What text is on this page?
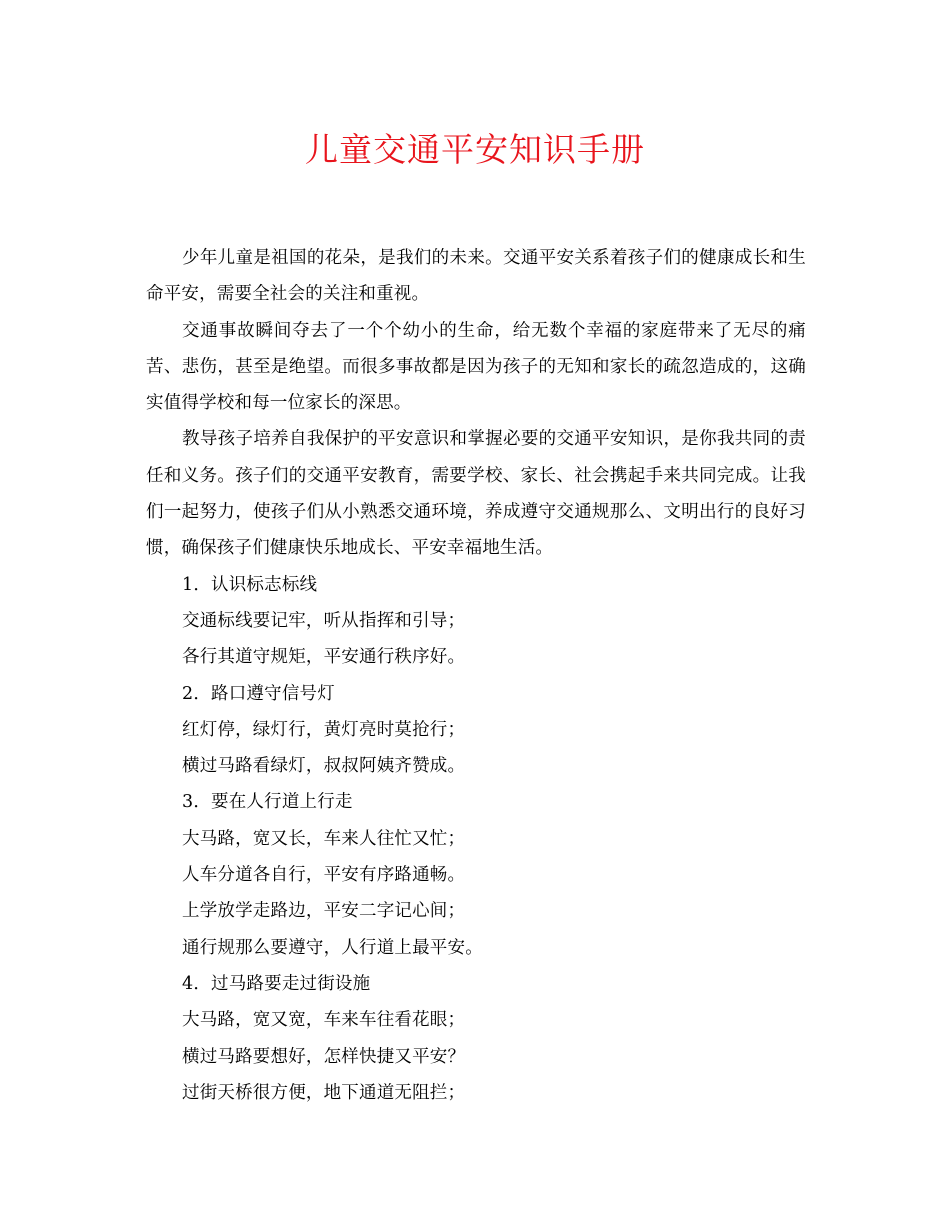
儿童交通平安知识手册

少年儿童是祖国的花朵，是我们的未来。交通平安关系着孩子们的健康成长和生命平安，需要全社会的关注和重视。

交通事故瞬间夺去了一个个幼小的生命，给无数个幸福的家庭带来了无尽的痛苦、悲伤，甚至是绝望。而很多事故都是因为孩子的无知和家长的疏忽造成的，这确实值得学校和每一位家长的深思。

教导孩子培养自我保护的平安意识和掌握必要的交通平安知识，是你我共同的责任和义务。孩子们的交通平安教育，需要学校、家长、社会携起手来共同完成。让我们一起努力，使孩子们从小熟悉交通环境，养成遵守交通规那么、文明出行的良好习惯，确保孩子们健康快乐地成长、平安幸福地生活。

1．认识标志标线

交通标线要记牢，听从指挥和引导；

各行其道守规矩，平安通行秩序好。

2．路口遵守信号灯

红灯停，绿灯行，黄灯亮时莫抢行；

横过马路看绿灯，叔叔阿姨齐赞成。

3．要在人行道上行走

大马路，宽又长，车来人往忙又忙；

人车分道各自行，平安有序路通畅。

上学放学走路边，平安二字记心间；

通行规那么要遵守，人行道上最平安。

4．过马路要走过街设施

大马路，宽又宽，车来车往看花眼；

横过马路要想好，怎样快捷又平安？

过街天桥很方便，地下通道无阻拦；
